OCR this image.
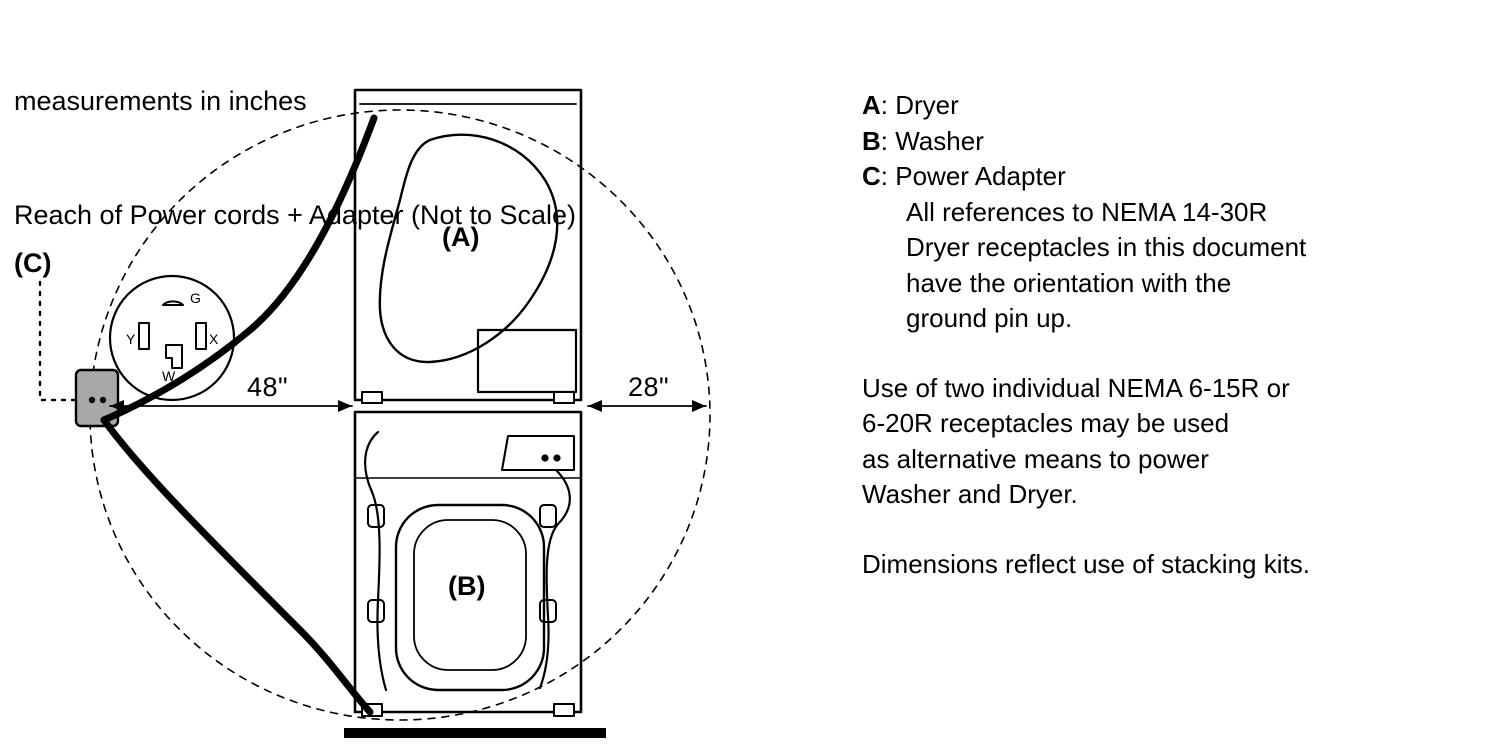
measurements in inches

Reach of Power cords + Adapter (Not to Scale)

G
Y	X
W	48"	28"
(A)
(B)
(C)
A: Dryer
B: Washer
C: Power Adapter
All references to NEMA 14-30R
Dryer receptacles in this document
have the orientation with the
ground pin up.
Use of two individual NEMA 6-15R or
6-20R receptacles may be used
as alternative means to power
Washer and Dryer.
Dimensions reflect use of stacking kits.
